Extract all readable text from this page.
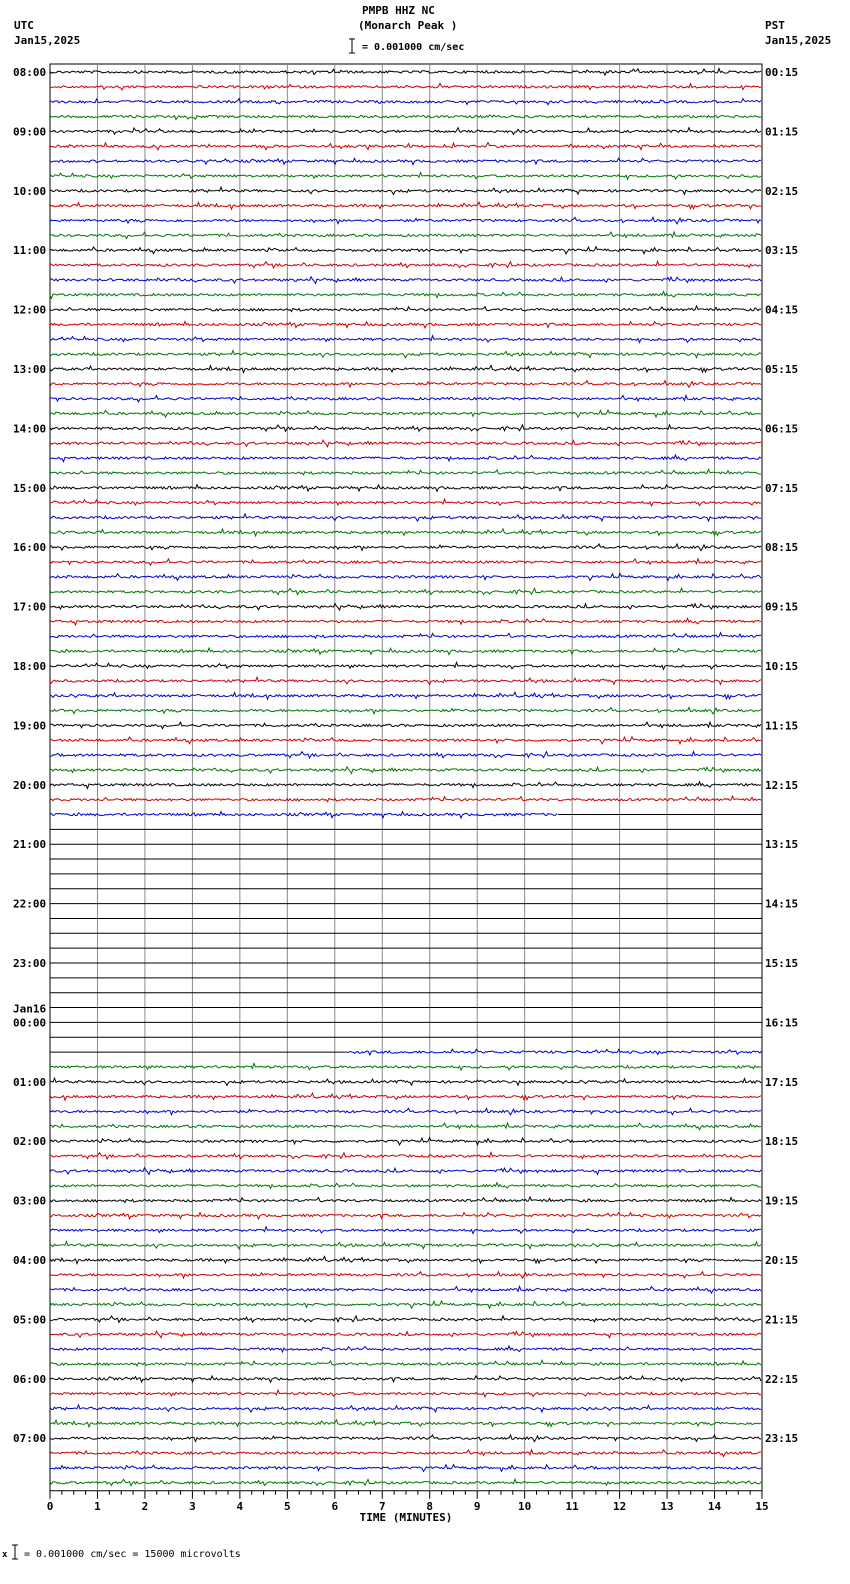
PMPB HHZ NC
(Monarch Peak )
UTC
Jan15,2025
PST
Jan15,2025
= 0.001000 cm/sec
08:00
09:00
10:00
11:00
12:00
13:00
14:00
15:00
16:00
17:00
18:00
19:00
20:00
21:00
22:00
23:00
00:00
Jan16
01:00
02:00
03:00
04:00
05:00
06:00
07:00
00:15
01:15
02:15
03:15
04:15
05:15
06:15
07:15
08:15
09:15
10:15
11:15
12:15
13:15
14:15
15:15
16:15
17:15
18:15
19:15
20:15
21:15
22:15
23:15
0	1	2	3	4	5	6	7	8	9	10	11	12	13	14	15
TIME (MINUTES)
x = 0.001000 cm/sec = 15000 microvolts
